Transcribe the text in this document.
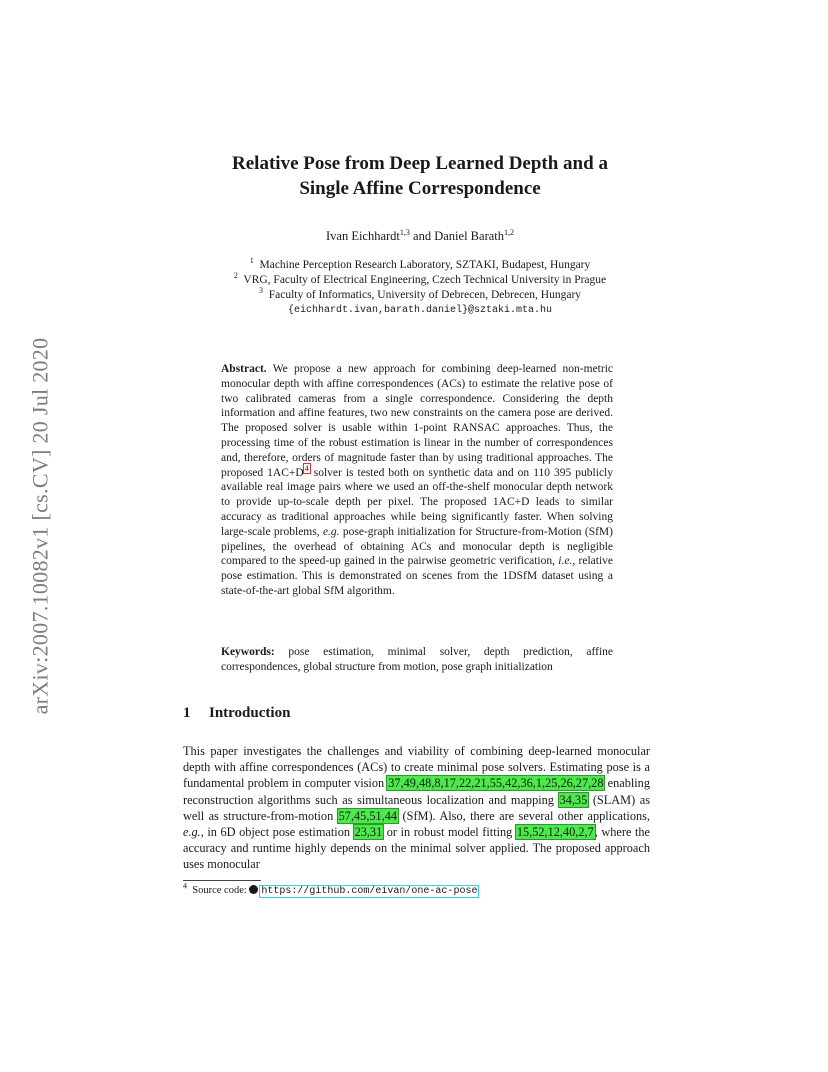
arXiv:2007.10082v1 [cs.CV] 20 Jul 2020
Relative Pose from Deep Learned Depth and a
Single Affine Correspondence
Ivan Eichhardt$^{1,3}$ and Daniel Barath$^{1,2}$
$^1$ Machine Perception Research Laboratory, SZTAKI, Budapest, Hungary
$^2$ VRG, Faculty of Electrical Engineering, Czech Technical University in Prague
$^3$ Faculty of Informatics, University of Debrecen, Debrecen, Hungary
{eichhardt.ivan,barath.daniel}@sztaki.mta.hu
Abstract. We propose a new approach for combining deep-learned non-metric monocular depth with affine correspondences (ACs) to estimate the relative pose of two calibrated cameras from a single correspondence. Considering the depth information and affine features, two new constraints on the camera pose are derived. The proposed solver is usable within 1-point RANSAC approaches. Thus, the processing time of the robust estimation is linear in the number of correspondences and, therefore, orders of magnitude faster than by using traditional approaches. The proposed 1AC+D$^4$ solver is tested both on synthetic data and on 110 395 publicly available real image pairs where we used an off-the-shelf monocular depth network to provide up-to-scale depth per pixel. The proposed 1AC+D leads to similar accuracy as traditional approaches while being significantly faster. When solving large-scale problems, e.g. pose-graph initialization for Structure-from-Motion (SfM) pipelines, the overhead of obtaining ACs and monocular depth is negligible compared to the speed-up gained in the pairwise geometric verification, i.e., relative pose estimation. This is demonstrated on scenes from the 1DSfM dataset using a state-of-the-art global SfM algorithm.
Keywords: pose estimation, minimal solver, depth prediction, affine correspondences, global structure from motion, pose graph initialization
1 Introduction
This paper investigates the challenges and viability of combining deep-learned monocular depth with affine correspondences (ACs) to create minimal pose solvers. Estimating pose is a fundamental problem in computer vision 37,49,48,8,17,22,21,55,42,36,1,25,26,27,28 enabling reconstruction algorithms such as simultaneous localization and mapping 34,35 (SLAM) as well as structure-from-motion 57,45,51,44 (SfM). Also, there are several other applications, e.g., in 6D object pose estimation 23,31 or in robust model fitting 15,52,12,40,2,7, where the accuracy and runtime highly depends on the minimal solver applied. The proposed approach uses monocular
$^4$ Source code: https://github.com/eivan/one-ac-pose
